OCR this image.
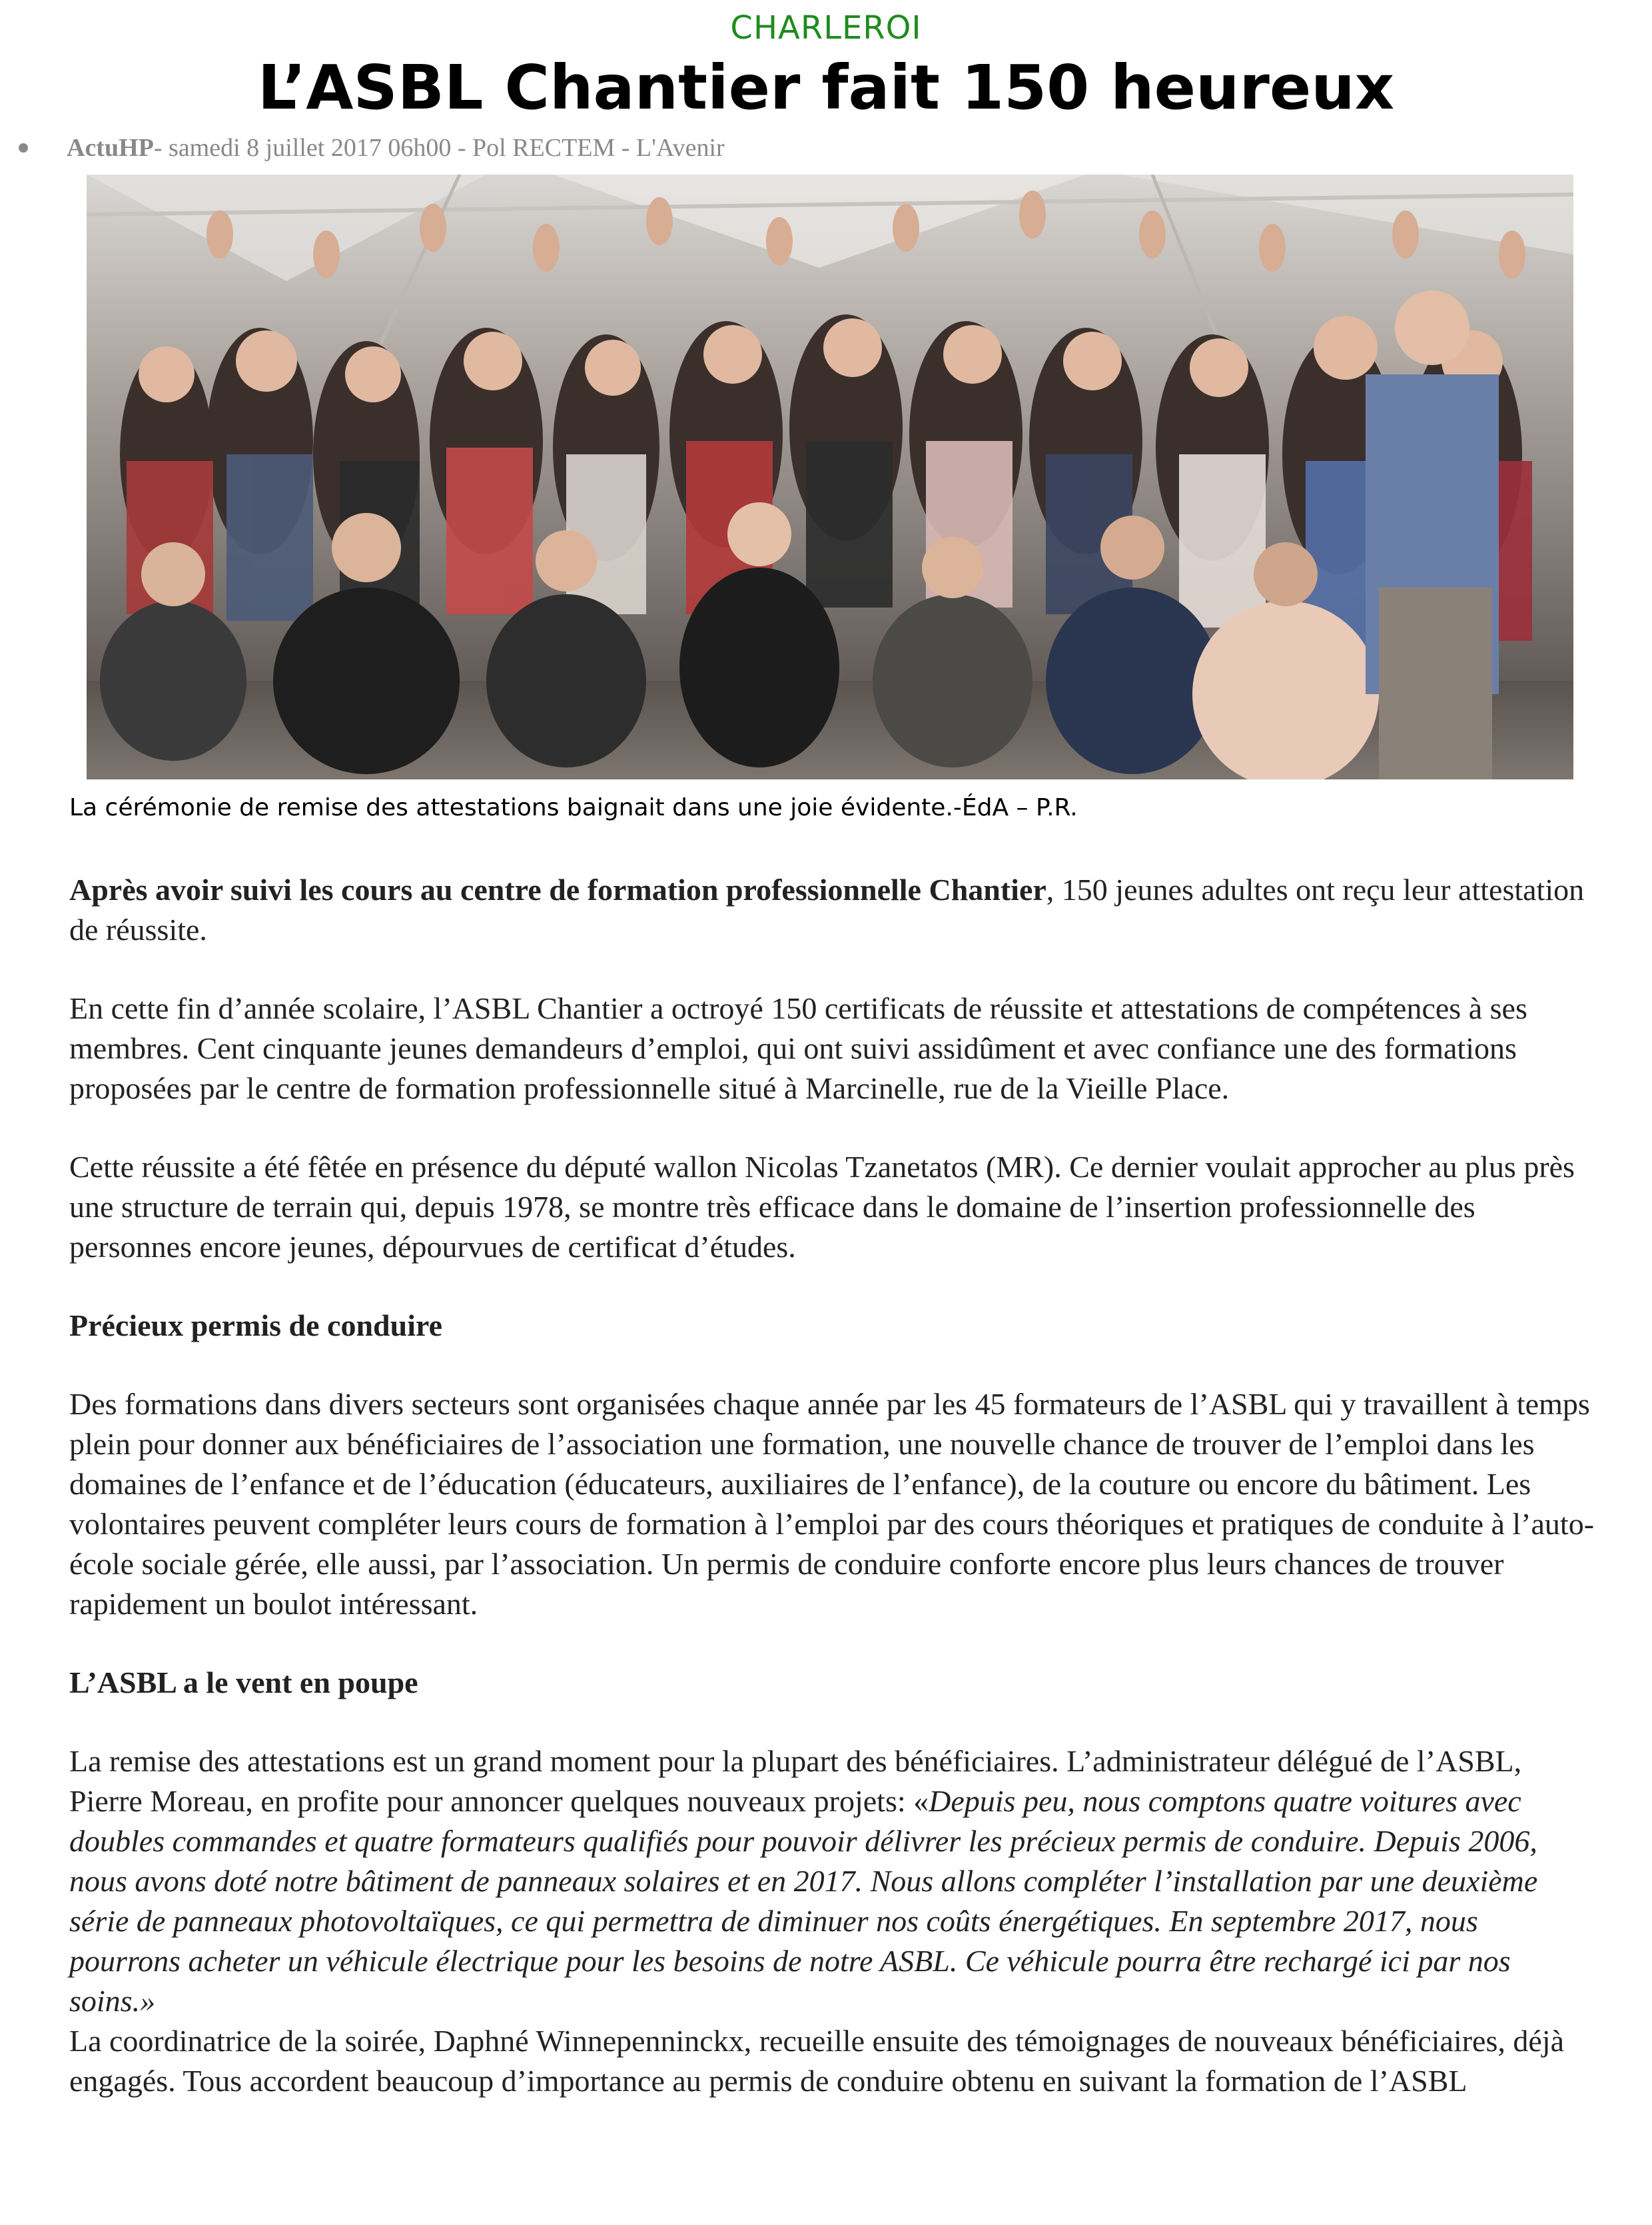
CHARLEROI
L’ASBL Chantier fait 150 heureux
ActuHP - samedi 8 juillet 2017 06h00 - Pol RECTEM - L'Avenir
La cérémonie de remise des attestations baignait dans une joie évidente.-ÉdA – P.R.

Après avoir suivi les cours au centre de formation professionnelle Chantier, 150 jeunes adultes ont reçu leur attestation de réussite.

En cette fin d’année scolaire, l’ASBL Chantier a octroyé 150 certificats de réussite et attestations de compétences à ses membres. Cent cinquante jeunes demandeurs d’emploi, qui ont suivi assidûment et avec confiance une des formations proposées par le centre de formation professionnelle situé à Marcinelle, rue de la Vieille Place.

Cette réussite a été fêtée en présence du député wallon Nicolas Tzanetatos (MR). Ce dernier voulait approcher au plus près une structure de terrain qui, depuis 1978, se montre très efficace dans le domaine de l’insertion professionnelle des personnes encore jeunes, dépourvues de certificat d’études.

Précieux permis de conduire

Des formations dans divers secteurs sont organisées chaque année par les 45 formateurs de l’ASBL qui y travaillent à temps plein pour donner aux bénéficiaires de l’association une formation, une nouvelle chance de trouver de l’emploi dans les domaines de l’enfance et de l’éducation (éducateurs, auxiliaires de l’enfance), de la couture ou encore du bâtiment. Les volontaires peuvent compléter leurs cours de formation à l’emploi par des cours théoriques et pratiques de conduite à l’auto-école sociale gérée, elle aussi, par l’association. Un permis de conduire conforte encore plus leurs chances de trouver rapidement un boulot intéressant.

L’ASBL a le vent en poupe

La remise des attestations est un grand moment pour la plupart des bénéficiaires. L’administrateur délégué de l’ASBL, Pierre Moreau, en profite pour annoncer quelques nouveaux projets: «Depuis peu, nous comptons quatre voitures avec doubles commandes et quatre formateurs qualifiés pour pouvoir délivrer les précieux permis de conduire. Depuis 2006, nous avons doté notre bâtiment de panneaux solaires et en 2017. Nous allons compléter l’installation par une deuxième série de panneaux photovoltaïques, ce qui permettra de diminuer nos coûts énergétiques. En septembre 2017, nous pourrons acheter un véhicule électrique pour les besoins de notre ASBL. Ce véhicule pourra être rechargé ici par nos soins.»

La coordinatrice de la soirée, Daphné Winnepenninckx, recueille ensuite des témoignages de nouveaux bénéficiaires, déjà engagés. Tous accordent beaucoup d’importance au permis de conduire obtenu en suivant la formation de l’ASBL
